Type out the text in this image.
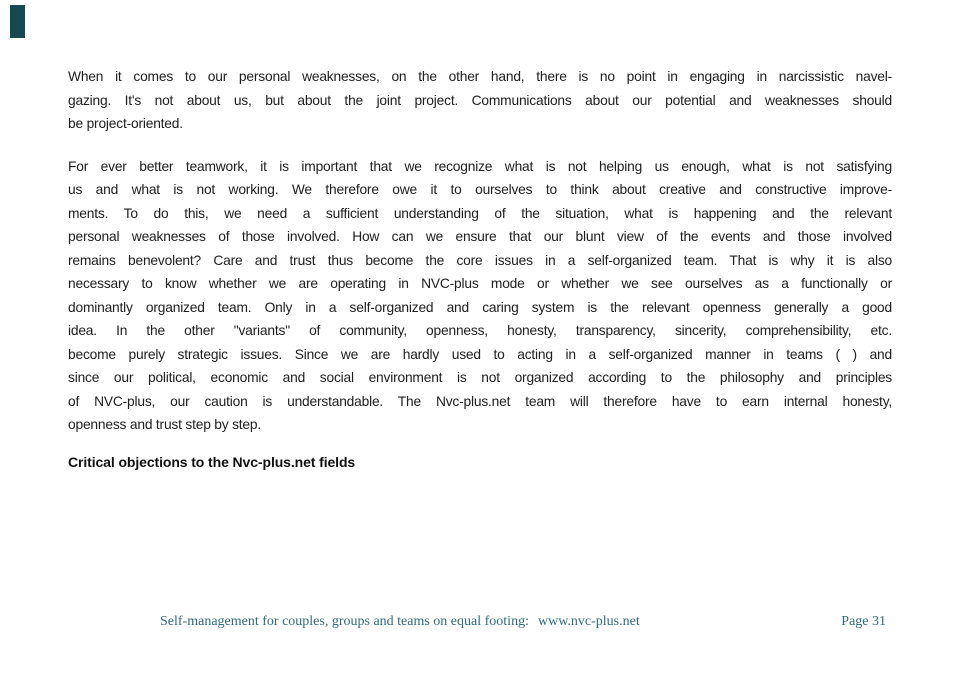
When it comes to our personal weaknesses, on the other hand, there is no point in engaging in narcissistic navel-
gazing. It's not about us, but about the joint project. Communications about our potential and weaknesses should
be project-oriented.
For ever better teamwork, it is important that we recognize what is not helping us enough, what is not satisfying
us and what is not working. We therefore owe it to ourselves to think about creative and constructive improve-
ments. To do this, we need a sufficient understanding of the situation, what is happening and the relevant
personal weaknesses of those involved. How can we ensure that our blunt view of the events and those involved
remains benevolent? Care and trust thus become the core issues in a self-organized team. That is why it is also
necessary to know whether we are operating in NVC-plus mode or whether we see ourselves as a functionally or
dominantly organized team. Only in a self-organized and caring system is the relevant openness generally a good
idea. In the other "variants" of community, openness, honesty, transparency, sincerity, comprehensibility, etc.
become purely strategic issues. Since we are hardly used to acting in a self-organized manner in teams ( ) and
since our political, economic and social environment is not organized according to the philosophy and principles
of NVC-plus, our caution is understandable. The Nvc-plus.net team will therefore have to earn internal honesty,
openness and trust step by step.
Critical objections to the Nvc-plus.net fields
Self-management for couples, groups and teams on equal footing: www.nvc-plus.net	Page 31
